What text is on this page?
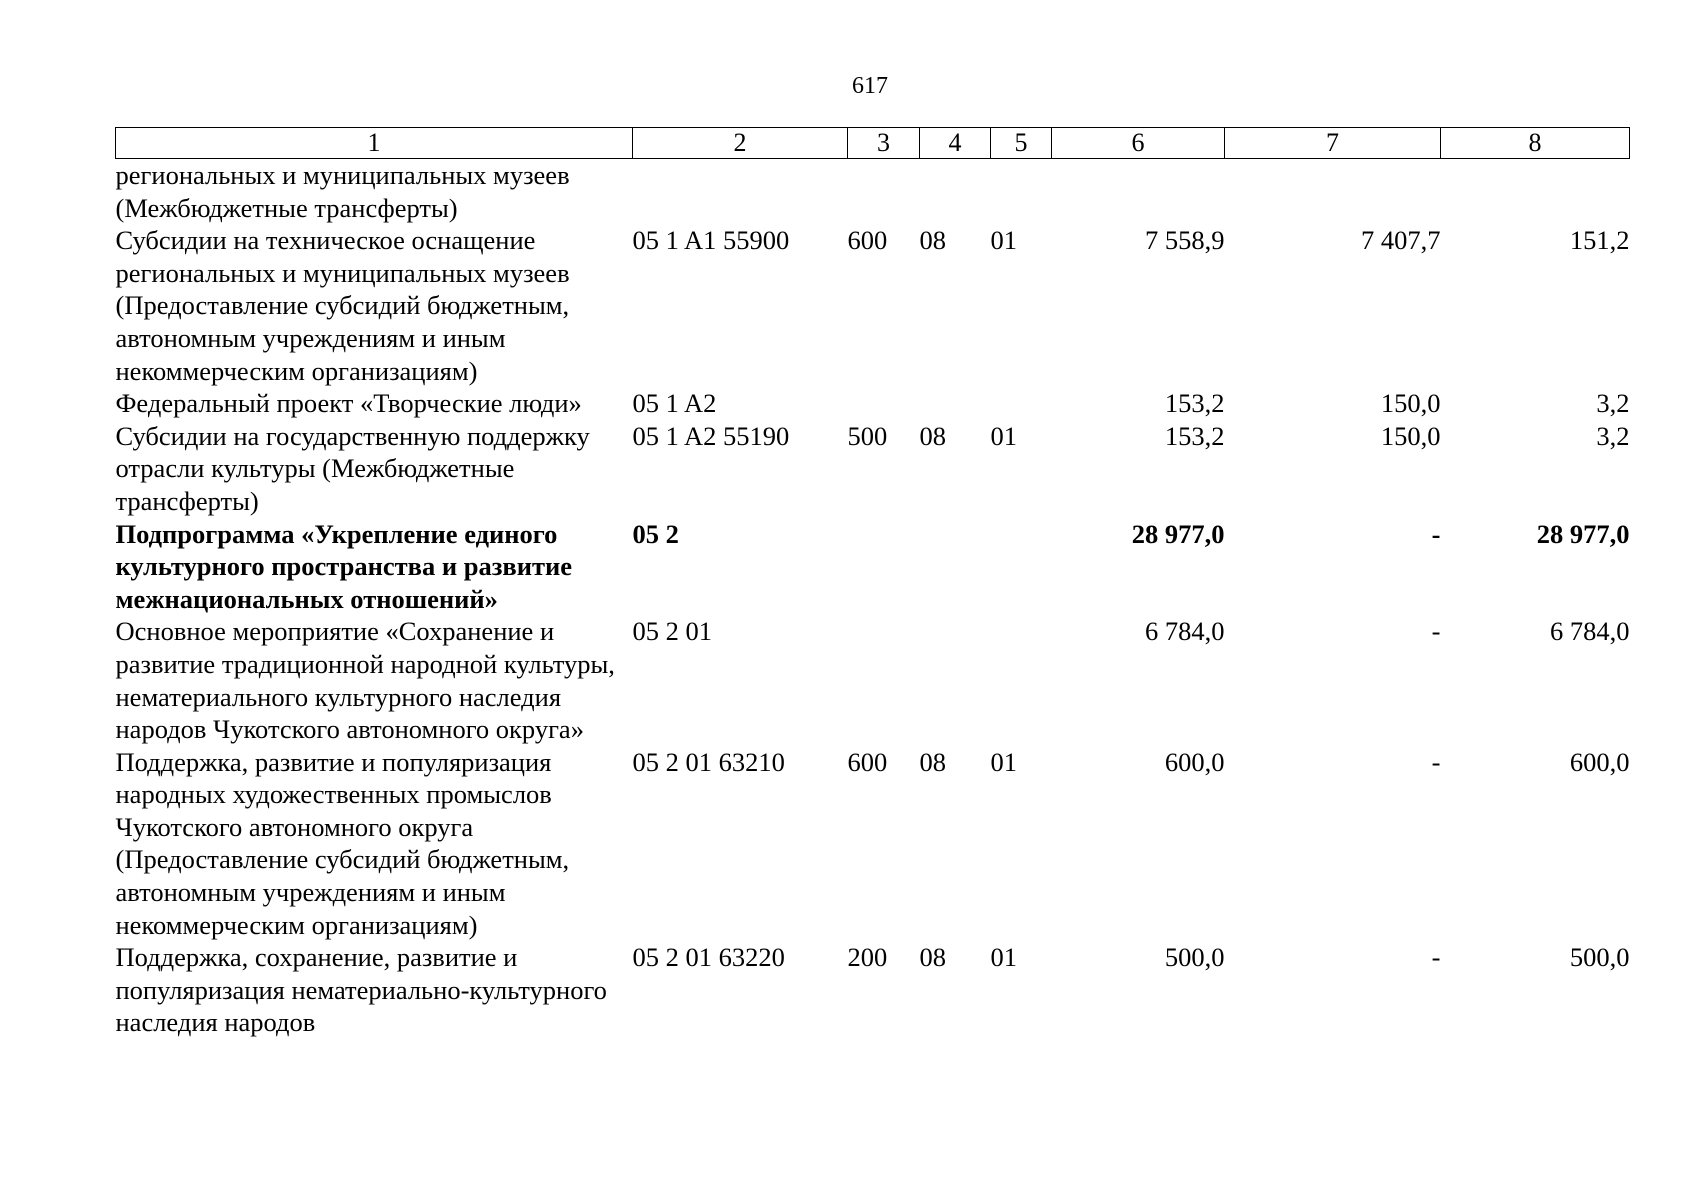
617
1	2	3	4	5	6	7	8
региональных и муниципальных музеев (Межбюджетные трансферты)							
Субсидии на техническое оснащение региональных и муниципальных музеев (Предоставление субсидий бюджетным, автономным учреждениям и иным некоммерческим организациям)	05 1 A1 55900	600	08	01	7 558,9	7 407,7	151,2
Федеральный проект «Творческие люди»	05 1 A2				153,2	150,0	3,2
Субсидии на государственную поддержку отрасли культуры (Межбюджетные трансферты)	05 1 A2 55190	500	08	01	153,2	150,0	3,2
Подпрограмма «Укрепление единого культурного пространства и развитие межнациональных отношений»	05 2				28 977,0	-	28 977,0
Основное мероприятие «Сохранение и развитие традиционной народной культуры, нематериального культурного наследия народов Чукотского автономного округа»	05 2 01				6 784,0	-	6 784,0
Поддержка, развитие и популяризация народных художественных промыслов Чукотского автономного округа (Предоставление субсидий бюджетным, автономным учреждениям и иным некоммерческим организациям)	05 2 01 63210	600	08	01	600,0	-	600,0
Поддержка, сохранение, развитие и популяризация нематериально-культурного наследия народов	05 2 01 63220	200	08	01	500,0	-	500,0
